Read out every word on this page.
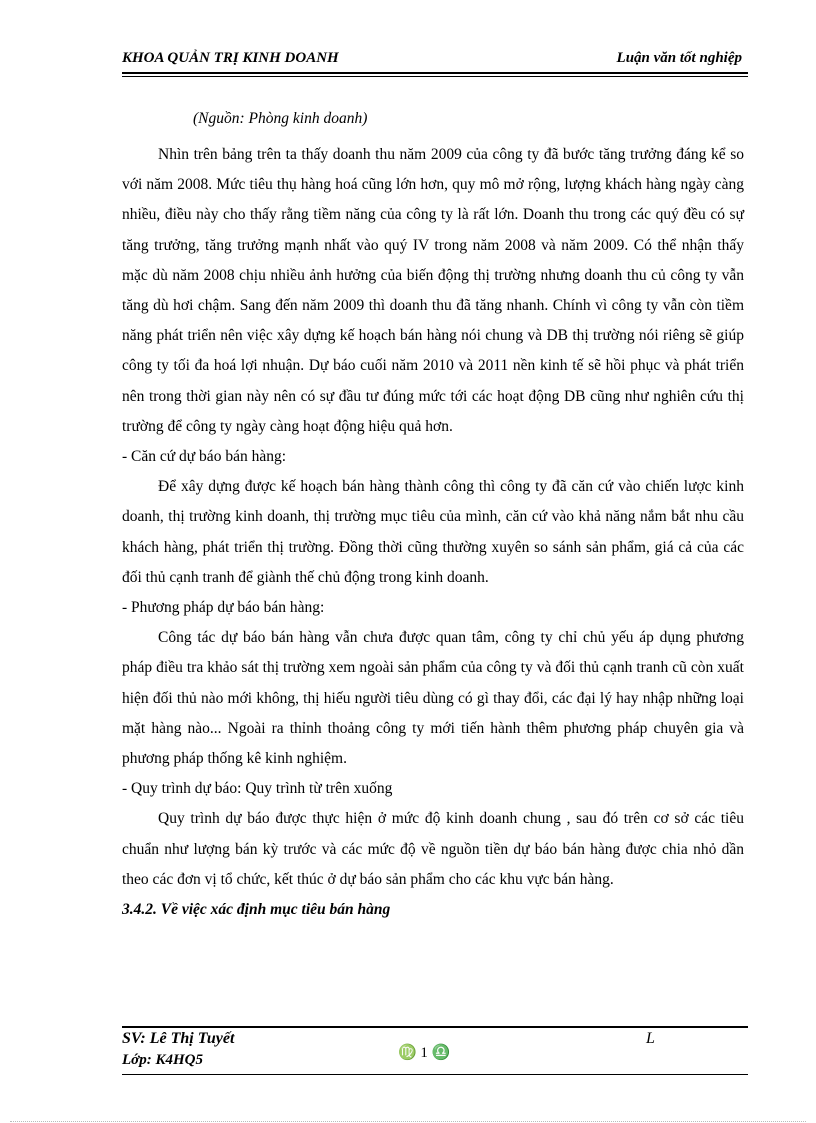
KHOA QUẢN TRỊ KINH DOANH	Luận văn tốt nghiệp
(Nguồn: Phòng kinh doanh)

Nhìn trên bảng trên ta thấy doanh thu năm 2009 của công ty đã bước tăng trưởng đáng kể so với năm 2008. Mức tiêu thụ hàng hoá cũng lớn hơn, quy mô mở rộng, lượng khách hàng ngày càng nhiều, điều này cho thấy rằng tiềm năng của công ty là rất lớn. Doanh thu trong các quý đều có sự tăng trưởng, tăng trưởng mạnh nhất vào quý IV trong năm 2008 và năm 2009. Có thể nhận thấy mặc dù năm 2008 chịu nhiều ảnh hưởng của biến động thị trường nhưng doanh thu củ công ty vẫn tăng dù hơi chậm. Sang đến năm 2009 thì doanh thu đã tăng nhanh. Chính vì công ty vẫn còn tiềm năng phát triển nên việc xây dựng kế hoạch bán hàng nói chung và DB thị trường nói riêng sẽ giúp công ty tối đa hoá lợi nhuận. Dự báo cuối năm 2010 và 2011 nền kinh tế sẽ hồi phục và phát triển nên trong thời gian này nên có sự đầu tư đúng mức tới các hoạt động DB cũng như nghiên cứu thị trường để công ty ngày càng hoạt động hiệu quả hơn.

- Căn cứ dự báo bán hàng:

Để xây dựng được kế hoạch bán hàng thành công thì công ty đã căn cứ vào chiến lược kinh doanh, thị trường kinh doanh, thị trường mục tiêu của mình, căn cứ vào khả năng nắm bắt nhu cầu khách hàng, phát triển thị trường. Đồng thời cũng thường xuyên so sánh sản phẩm, giá cả của các đối thủ cạnh tranh để giành thế chủ động trong kinh doanh.

- Phương pháp dự báo bán hàng:

Công tác dự báo bán hàng vẫn chưa được quan tâm, công ty chỉ chủ yếu áp dụng phương pháp điều tra khảo sát thị trường xem ngoài sản phẩm của công ty và đối thủ cạnh tranh cũ còn xuất hiện đối thủ nào mới không, thị hiếu người tiêu dùng có gì thay đổi, các đại lý hay nhập những loại mặt hàng nào... Ngoài ra thỉnh thoảng công ty mới tiến hành thêm phương pháp chuyên gia và phương pháp thống kê kinh nghiệm.

- Quy trình dự báo: Quy trình từ trên xuống

Quy trình dự báo được thực hiện ở mức độ kinh doanh chung , sau đó trên cơ sở các tiêu chuẩn như lượng bán kỳ trước và các mức độ về nguồn tiền dự báo bán hàng được chia nhỏ dần theo các đơn vị tổ chức, kết thúc ở dự báo sản phẩm cho các khu vực bán hàng.

3.4.2. Về việc xác định mục tiêu bán hàng

SV: Lê Thị Tuyết
Lớp: K4HQ5
L
♍ 1 ♎
